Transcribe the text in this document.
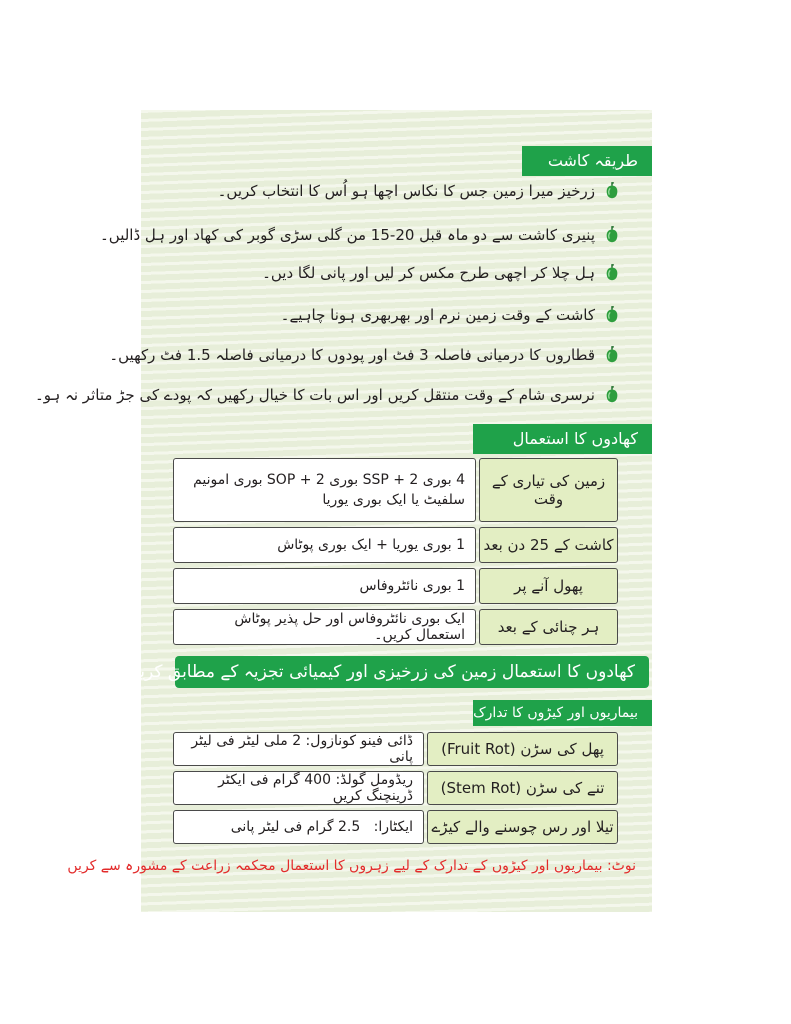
طریقہ کاشت
زرخیز میرا زمین جس کا نکاس اچھا ہو اُس کا انتخاب کریں۔
پنیری کاشت سے دو ماہ قبل 20-15 من گلی سڑی گوبر کی کھاد اور ہل ڈالیں۔
ہل چلا کر اچھی طرح مکس کر لیں اور پانی لگا دیں۔
کاشت کے وقت زمین نرم اور بھربھری ہونا چاہیے۔
قطاروں کا درمیانی فاصلہ 3 فٹ اور پودوں کا درمیانی فاصلہ 1.5 فٹ رکھیں۔
نرسری شام کے وقت منتقل کریں اور اس بات کا خیال رکھیں کہ پودے کی جڑ متاثر نہ ہو۔
کھادوں کا استعمال
زمین کی تیاری کے وقت
4 بوری SSP + 2 بوری SOP + 2 بوری امونیم سلفیٹ یا ایک بوری یوریا
کاشت کے 25 دن بعد
1 بوری یوریا + ایک بوری پوٹاش
پھول آنے پر
1 بوری نائٹروفاس
ہر چنائی کے بعد
ایک بوری نائٹروفاس اور حل پذیر پوٹاش استعمال کریں۔
کھادوں کا استعمال زمین کی زرخیزی اور کیمیائی تجزیہ کے مطابق کریں۔
بیماریوں اور کیڑوں کا تدارک
پھل کی سڑن (Fruit Rot)
ڈائی فینو کونازول: 2 ملی لیٹر فی لیٹر پانی
تنے کی سڑن (Stem Rot)
ریڈومل گولڈ: 400 گرام فی ایکٹر ڈرینچنگ کریں
تیلا اور رس چوسنے والے کیڑے
ایکٹارا:   2.5 گرام فی لیٹر پانی
نوٹ: بیماریوں اور کیڑوں کے تدارک کے لیے زہروں کا استعمال محکمہ زراعت کے مشورہ سے کریں
